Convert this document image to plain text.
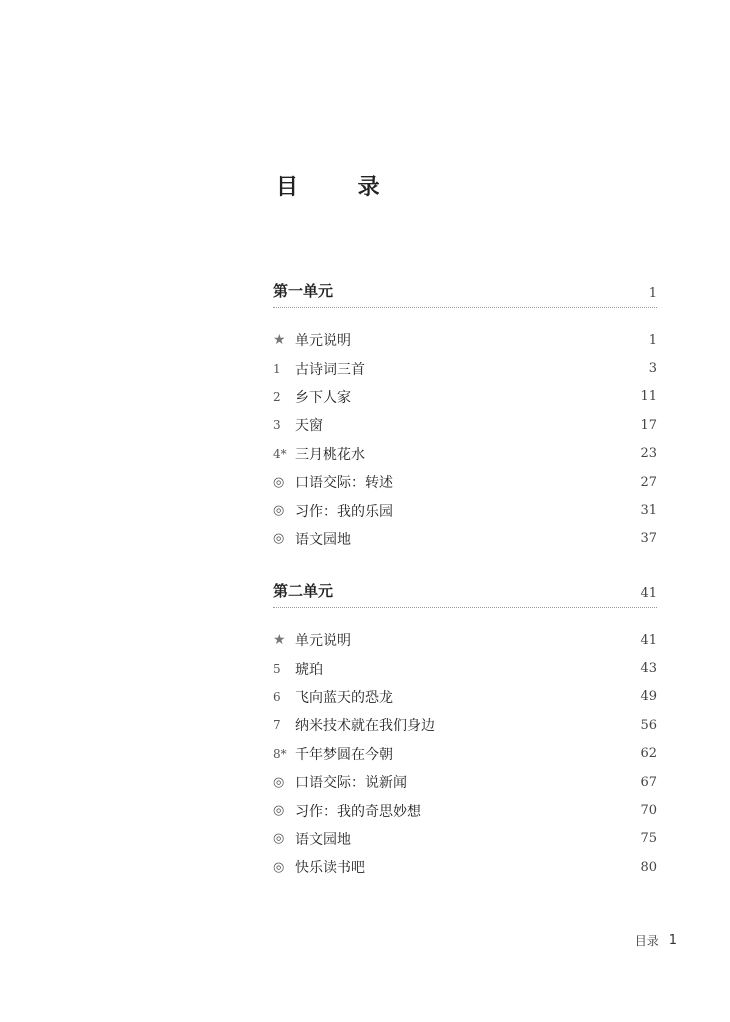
目 录
第一单元	1
★ 单元说明	1
1	古诗词三首	3
2	乡下人家	11
3	天窗	17
4* 三月桃花水	23
◎ 口语交际：转述	27
◎ 习作：我的乐园	31
◎ 语文园地	37
第二单元	41
★ 单元说明	41
5	琥珀	43
6	飞向蓝天的恐龙	49
7	纳米技术就在我们身边	56
8* 千年梦圆在今朝	62
◎ 口语交际：说新闻	67
◎ 习作：我的奇思妙想	70
◎ 语文园地	75
◎ 快乐读书吧	80
目录 1
